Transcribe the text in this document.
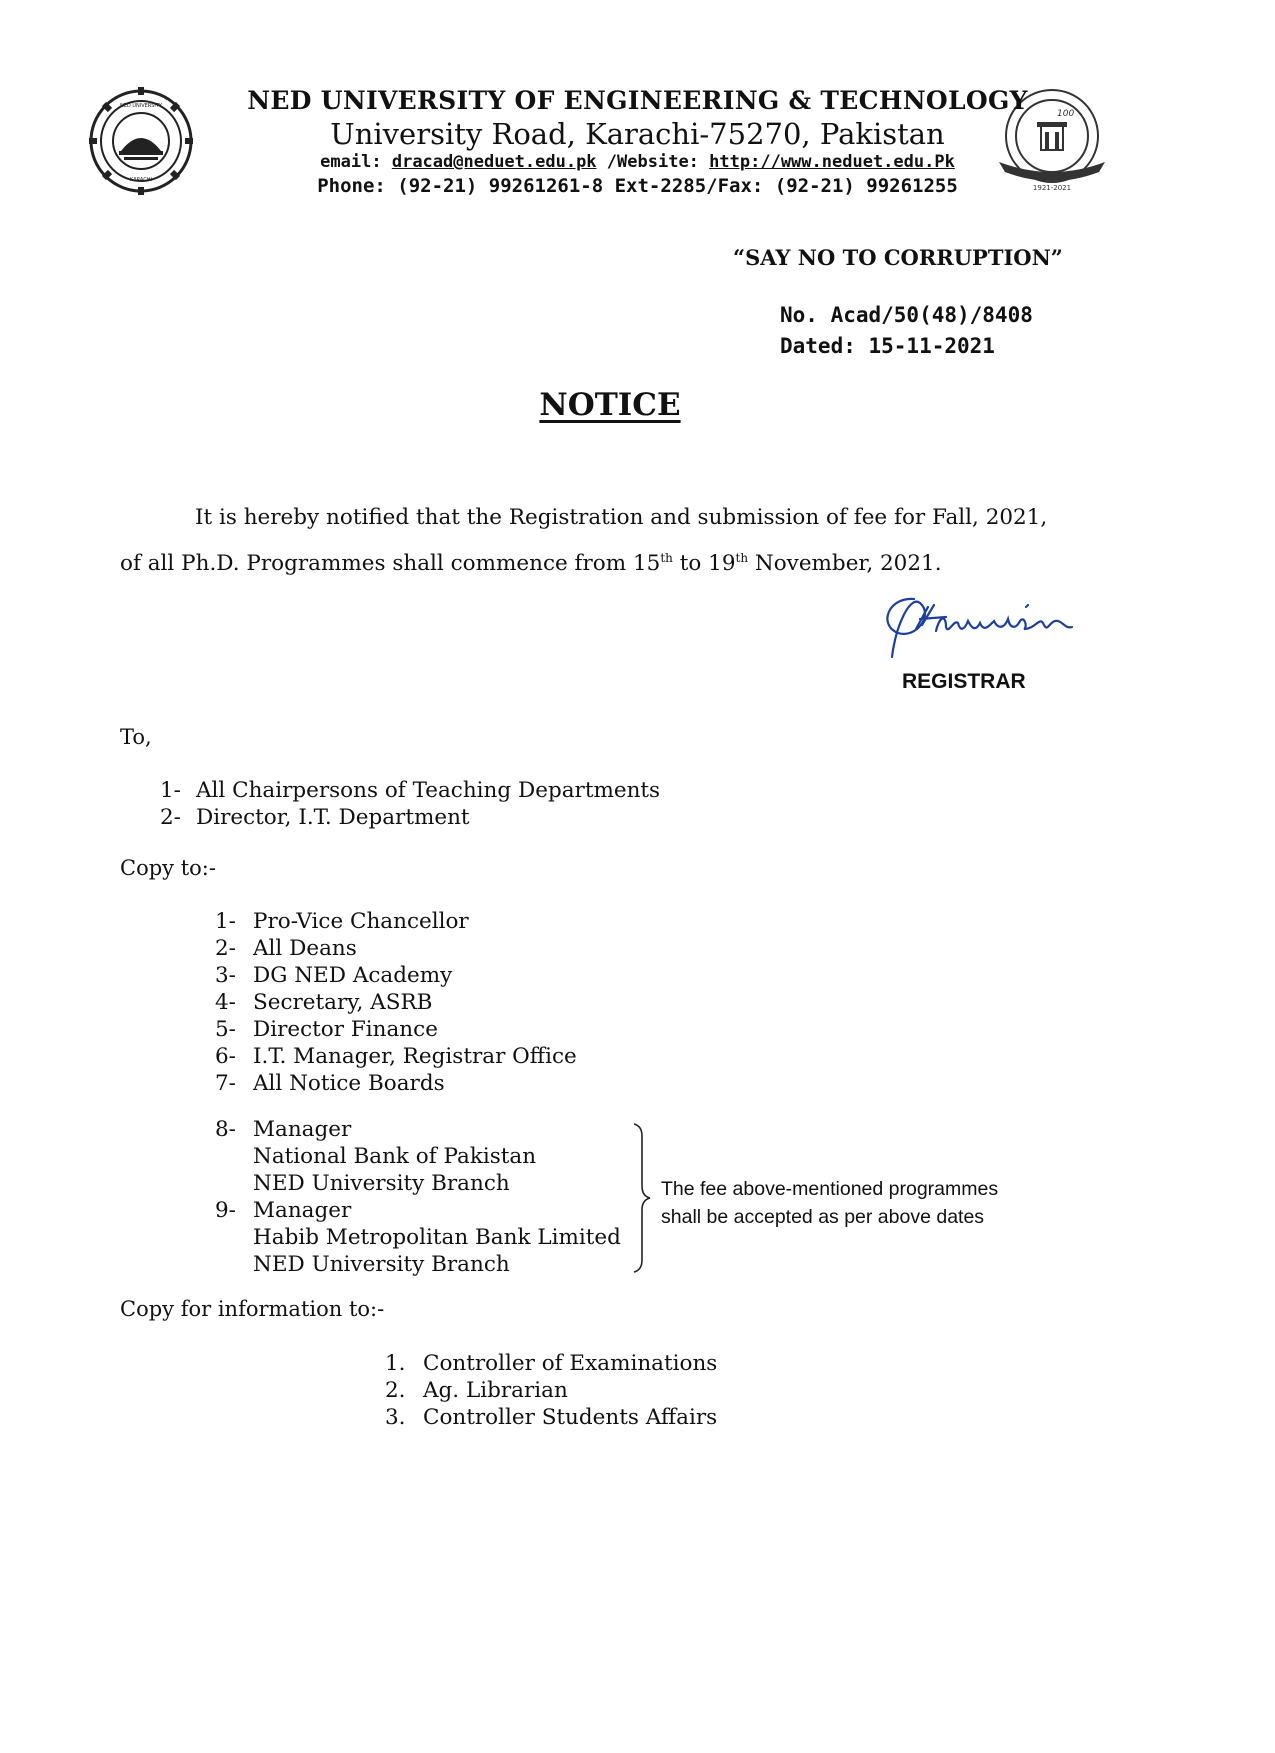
NED UNIVERSITY
KARACHI
100
1921-2021
NED UNIVERSITY OF ENGINEERING & TECHNOLOGY
University Road, Karachi-75270, Pakistan
email: dracad@neduet.edu.pk /Website: http://www.neduet.edu.Pk
Phone: (92-21) 99261261-8 Ext-2285/Fax: (92-21) 99261255
“SAY NO TO CORRUPTION”
No. Acad/50(48)/8408
Dated: 15-11-2021
NOTICE
It is hereby notified that the Registration and submission of fee for Fall, 2021,
of all Ph.D. Programmes shall commence from 15th to 19th November, 2021.
REGISTRAR
To,
1- All Chairpersons of Teaching Departments
2- Director, I.T. Department
Copy to:-
1- Pro-Vice Chancellor
2- All Deans
3- DG NED Academy
4- Secretary, ASRB
5- Director Finance
6- I.T. Manager, Registrar Office
7- All Notice Boards
8- Manager
National Bank of Pakistan
NED University Branch
9- Manager
Habib Metropolitan Bank Limited
NED University Branch
The fee above-mentioned programmes
shall be accepted as per above dates
Copy for information to:-
1. Controller of Examinations
2. Ag. Librarian
3. Controller Students Affairs
